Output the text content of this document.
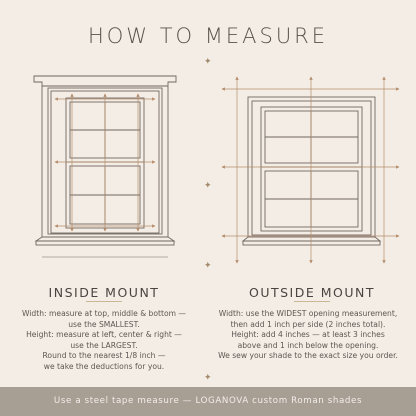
HOW TO MEASURE
✦
✦
✦
✦
INSIDE MOUNT

Width: measure at top, middle & bottom —
use the SMALLEST.
Height: measure at left, center & right —
use the LARGEST.
Round to the nearest 1/8 inch —
we take the deductions for you.

OUTSIDE MOUNT

Width: use the WIDEST opening measurement,
then add 1 inch per side (2 inches total).
Height: add 4 inches — at least 3 inches
above and 1 inch below the opening.
We sew your shade to the exact size you order.

Use a steel tape measure — LOGANOVA custom Roman shades
